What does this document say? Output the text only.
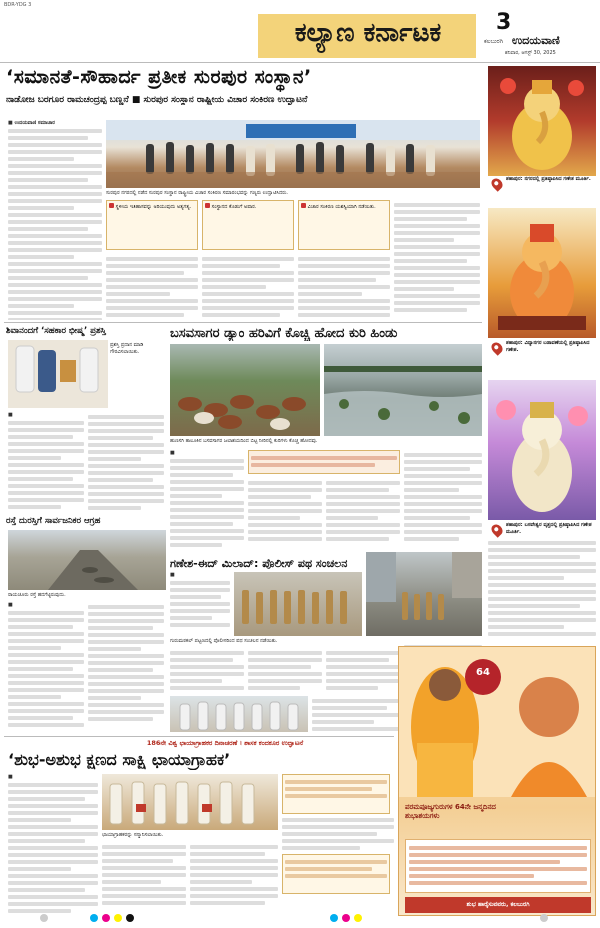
BDR-YDG 3
ಕಲ್ಯಾಣ ಕರ್ನಾಟಕ	3
ಕಲಬುರಗಿ ಉದಯವಾಣಿ
ಶನಿವಾರ, ಆಗಸ್ಟ್ 30, 2025
‘ಸಮಾನತೆ-ಸೌಹಾರ್ದ ಪ್ರತೀಕ ಸುರಪುರ ಸಂಸ್ಥಾನ’
ನಾಡೋಜ ಬರಗೂರ ರಾಮಚಂದ್ರಪ್ಪ ಬಣ್ಣನೆ ■ ಸುರಪುರ ಸಂಸ್ಥಾನ ರಾಷ್ಟ್ರೀಯ ವಿಚಾರ ಸಂಕಿರಣ ಉದ್ಘಾಟನೆ
■ ಉದಯವಾಣಿ ಸಮಾಚಾರ
ಸುರಪುರ ನಗರದಲ್ಲಿ ನಡೆದ ಸುರಪುರ ಸಂಸ್ಥಾನ ರಾಷ್ಟ್ರೀಯ ವಿಚಾರ ಸಂಕಿರಣ ಸಮಾರಂಭವನ್ನು ಗಣ್ಯರು ಉದ್ಘಾಟಿಸಿದರು.
ಸ್ಥಳೀಯ ಇತಿಹಾಸವನ್ನು ಅರಿಯುವುದು ಅತ್ಯಗತ್ಯ.	ಸಂಸ್ಥಾನದ ಕೊಡುಗೆ ಅಪಾರ.	ವಿಚಾರ ಸಂಕಿರಣ ಯಶಸ್ವಿಯಾಗಿ ನಡೆಯಿತು.
ಶಹಾಪುರ: ನಗರದಲ್ಲಿ ಪ್ರತಿಷ್ಠಾಪಿಸಿದ ಗಣೇಶ ಮೂರ್ತಿ.
ಶಹಾಪುರ: ವಿದ್ಯಾನಗರ ಬಡಾವಣೆಯಲ್ಲಿ ಪ್ರತಿಷ್ಠಾಪಿಸಿದ ಗಣೇಶ.
ಶಹಾಪುರ: ಬಸವೇಶ್ವರ ವೃತ್ತದಲ್ಲಿ ಪ್ರತಿಷ್ಠಾಪಿಸಿದ ಗಣೇಶ ಮೂರ್ತಿ.
ಶಿವಾನಂದಗೆ ‘ಸಹಕಾರ ಭೀಷ್ಮ’ ಪ್ರಶಸ್ತಿ
ಪ್ರಶಸ್ತಿ ಪ್ರದಾನ ಮಾಡಿ ಗೌರವಿಸಲಾಯಿತು.
■
ಬಸವಸಾಗರ ಡ್ಯಾಂ ಹರಿವಿಗೆ ಕೊಚ್ಚಿ ಹೋದ ಕುರಿ ಹಿಂಡು
ಹುಣಸಗಿ ತಾಲೂಕಿನ ಬಸವಸಾಗರ ಜಲಾಶಯದಿಂದ ಬಿಟ್ಟ ನೀರಿನಲ್ಲಿ ಕುರಿಗಳು ಕೊಚ್ಚಿ ಹೋದವು.
■
ರಸ್ತೆ ದುರಸ್ತಿಗೆ ಸಾರ್ವಜನಿಕರ ಆಗ್ರಹ
ರಾಯಚೂರು ರಸ್ತೆ ಹದಗೆಟ್ಟಿರುವುದು.
■
ಗಣೇಶ-ಈದ್ ಮಿಲಾದ್: ಪೊಲೀಸ್ ಪಥ ಸಂಚಲನ
■
ಗುರುಮಠಕಲ್ ಪಟ್ಟಣದಲ್ಲಿ ಪೊಲೀಸರಿಂದ ಪಥ ಸಂಚಲನ ನಡೆಯಿತು.
186ನೇ ವಿಶ್ವ ಛಾಯಾಗ್ರಾಹಕರ ದಿನಾಚರಣೆ । ಶಾಸಕ ಕಂದಕೂರ ಉದ್ಘಾಟನೆ
‘ಶುಭ-ಅಶುಭ ಕ್ಷಣದ ಸಾಕ್ಷಿ ಛಾಯಾಗ್ರಾಹಕ’
■
ಛಾಯಾಗ್ರಾಹಕರನ್ನು ಸನ್ಮಾನಿಸಲಾಯಿತು.
64
ಪರಮಪೂಜ್ಯಗುರುಗಳ 64ನೇ ಜನ್ಮದಿನದ ಶುಭಾಶಯಗಳು
ಶುಭ ಹಾರೈಸುವವರು, ಕಲಬುರಗಿ
